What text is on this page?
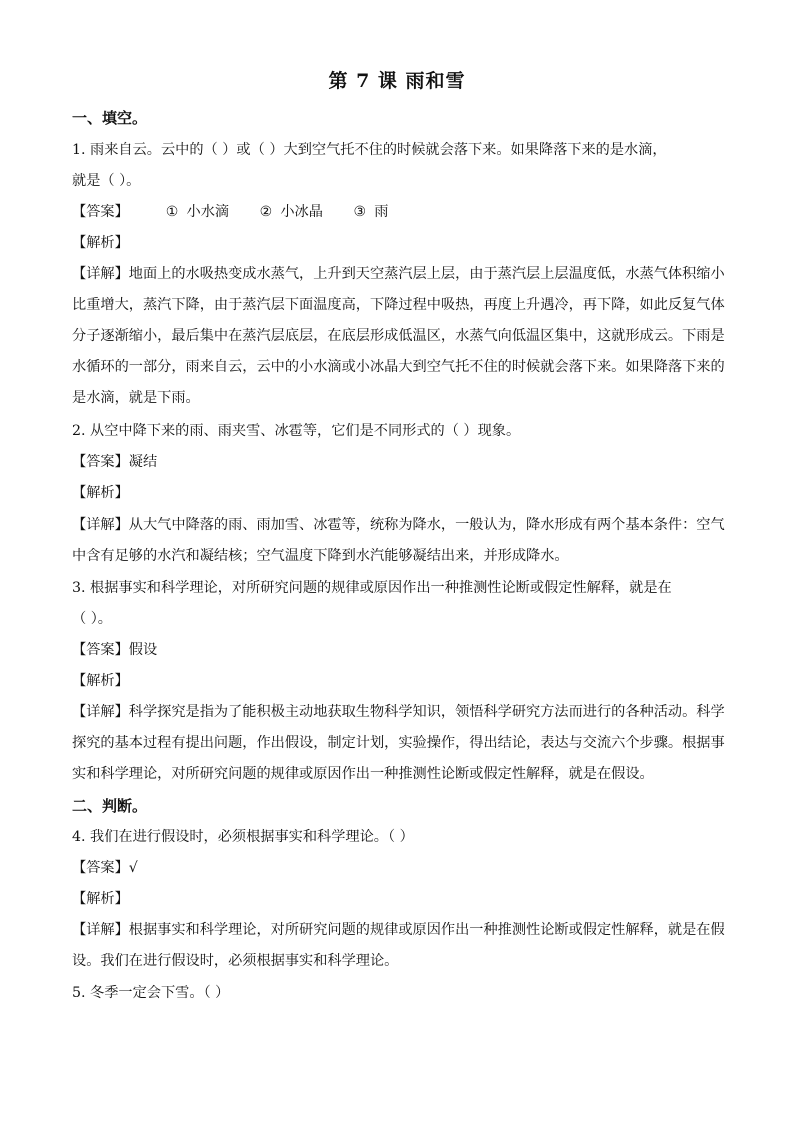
第 7 课 雨和雪
一、填空。
1. 雨来自云。云中的（ ）或（ ）大到空气托不住的时候就会落下来。如果降落下来的是水滴，
就是（ ）。
【答案】	① 小水滴 ② 小冰晶 ③ 雨
【解析】
【详解】地面上的水吸热变成水蒸气，上升到天空蒸汽层上层，由于蒸汽层上层温度低，水蒸气体积缩小
比重增大，蒸汽下降，由于蒸汽层下面温度高，下降过程中吸热，再度上升遇冷，再下降，如此反复气体
分子逐渐缩小，最后集中在蒸汽层底层，在底层形成低温区，水蒸气向低温区集中，这就形成云。下雨是
水循环的一部分，雨来自云，云中的小水滴或小冰晶大到空气托不住的时候就会落下来。如果降落下来的
是水滴，就是下雨。
2. 从空中降下来的雨、雨夹雪、冰雹等，它们是不同形式的（ ）现象。
【答案】凝结
【解析】
【详解】从大气中降落的雨、雨加雪、冰雹等，统称为降水，一般认为，降水形成有两个基本条件：空气
中含有足够的水汽和凝结核；空气温度下降到水汽能够凝结出来，并形成降水。
3. 根据事实和科学理论，对所研究问题的规律或原因作出一种推测性论断或假定性解释，就是在
（ ）。
【答案】假设
【解析】
【详解】科学探究是指为了能积极主动地获取生物科学知识，领悟科学研究方法而进行的各种活动。科学
探究的基本过程有提出问题，作出假设，制定计划，实验操作，得出结论，表达与交流六个步骤。根据事
实和科学理论，对所研究问题的规律或原因作出一种推测性论断或假定性解释，就是在假设。
二、判断。
4. 我们在进行假设时，必须根据事实和科学理论。（ ）
【答案】√
【解析】
【详解】根据事实和科学理论，对所研究问题的规律或原因作出一种推测性论断或假定性解释，就是在假
设。我们在进行假设时，必须根据事实和科学理论。
5. 冬季一定会下雪。（ ）
